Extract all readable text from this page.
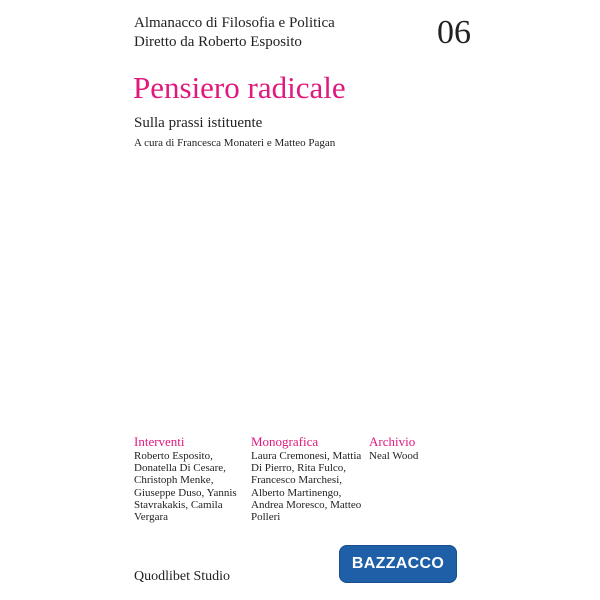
Almanacco di Filosofia e Politica
Diretto da Roberto Esposito	06
Pensiero radicale
Sulla prassi istituente
A cura di Francesca Monateri e Matteo Pagan
Interventi
Roberto Esposito, Donatella Di Cesare, Christoph Menke, Giuseppe Duso, Yannis Stavrakakis, Camila Vergara
Monografica
Laura Cremonesi, Mattia Di Pierro, Rita Fulco, Francesco Marchesi, Alberto Martinengo, Andrea Moresco, Matteo Polleri
Archivio
Neal Wood
Quodlibet Studio
BAZZACCO
